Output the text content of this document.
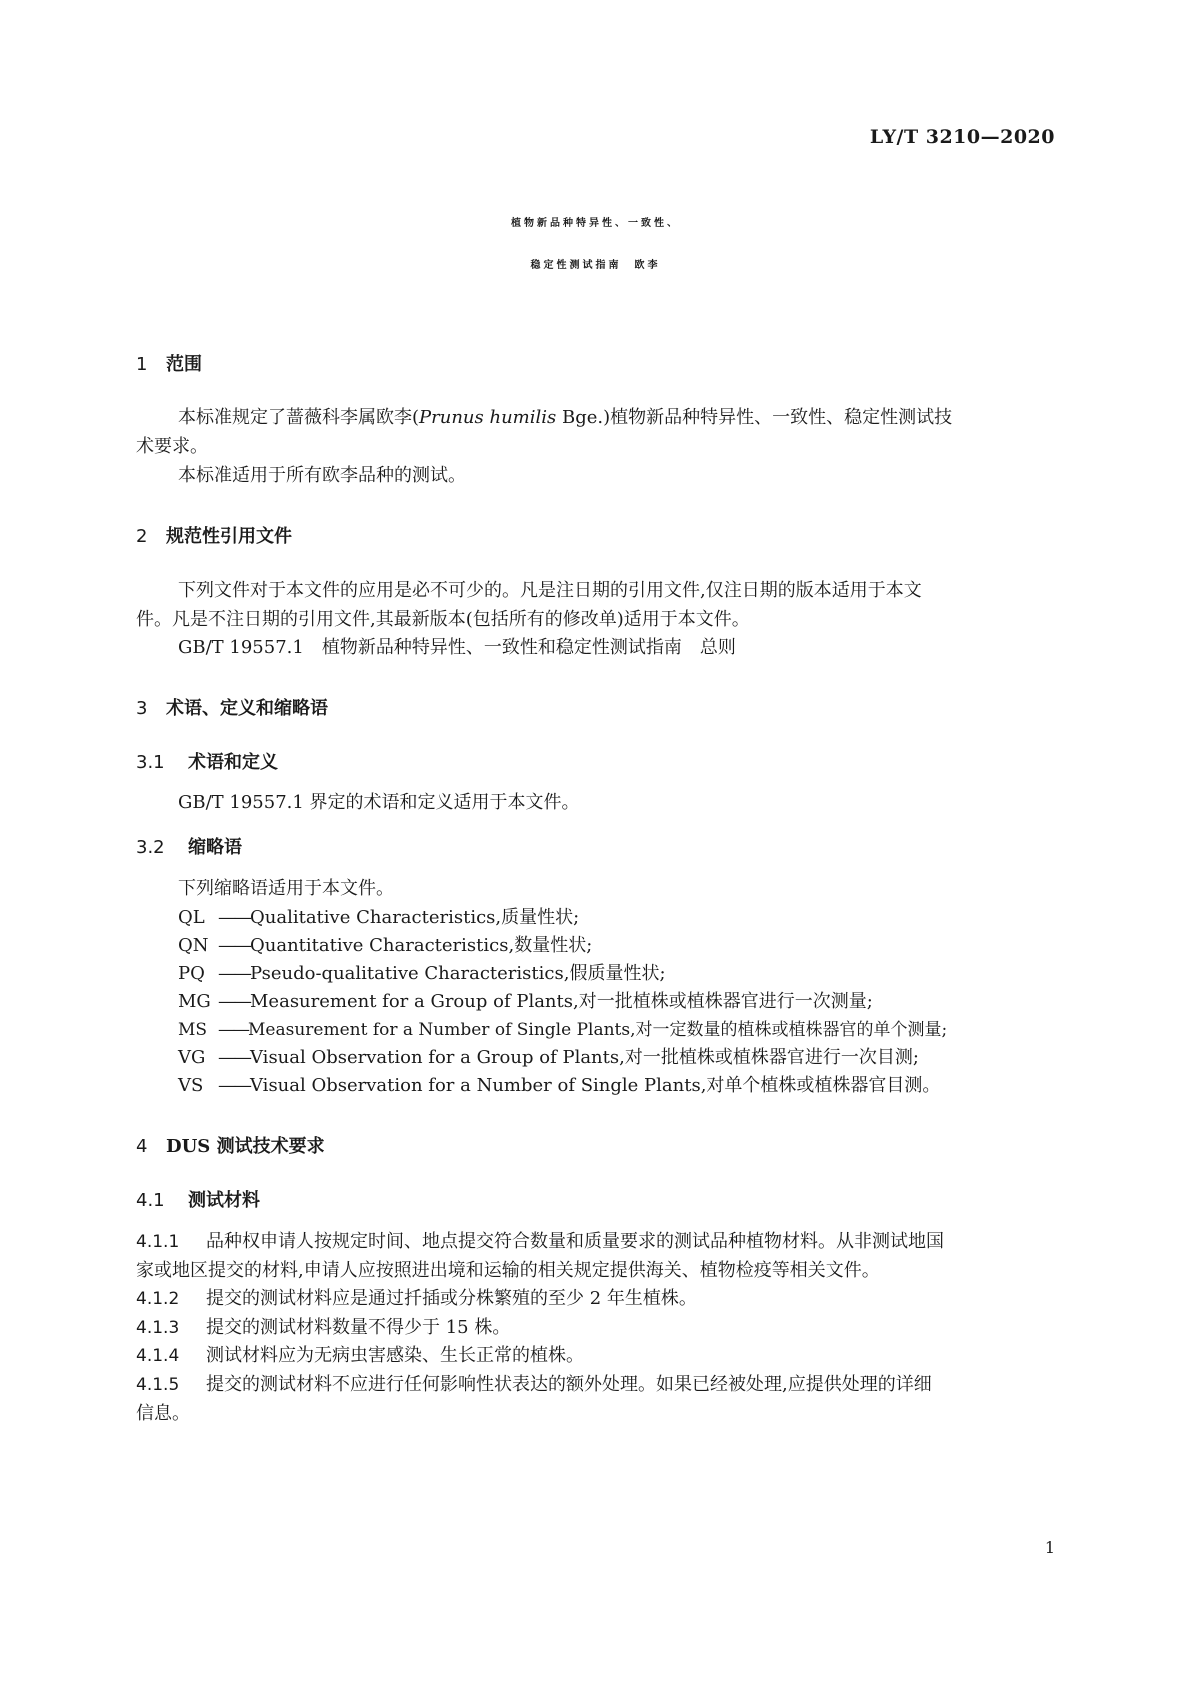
LY/T 3210—2020
植物新品种特异性、一致性、
稳定性测试指南　欧李
1 范围
本标准规定了蔷薇科李属欧李(Prunus humilis Bge.)植物新品种特异性、一致性、稳定性测试技
术要求。
本标准适用于所有欧李品种的测试。
2 规范性引用文件
下列文件对于本文件的应用是必不可少的。凡是注日期的引用文件,仅注日期的版本适用于本文
件。凡是不注日期的引用文件,其最新版本(包括所有的修改单)适用于本文件。
GB/T 19557.1　植物新品种特异性、一致性和稳定性测试指南　总则
3 术语、定义和缩略语
3.1 术语和定义
GB/T 19557.1 界定的术语和定义适用于本文件。
3.2 缩略语
下列缩略语适用于本文件。
QL ——Qualitative Characteristics,质量性状;
QN ——Quantitative Characteristics,数量性状;
PQ ——Pseudo-qualitative Characteristics,假质量性状;
MG ——Measurement for a Group of Plants,对一批植株或植株器官进行一次测量;
MS ——Measurement for a Number of Single Plants,对一定数量的植株或植株器官的单个测量;
VG ——Visual Observation for a Group of Plants,对一批植株或植株器官进行一次目测;
VS ——Visual Observation for a Number of Single Plants,对单个植株或植株器官目测。
4 DUS 测试技术要求
4.1 测试材料
4.1.1 品种权申请人按规定时间、地点提交符合数量和质量要求的测试品种植物材料。从非测试地国
家或地区提交的材料,申请人应按照进出境和运输的相关规定提供海关、植物检疫等相关文件。
4.1.2 提交的测试材料应是通过扦插或分株繁殖的至少 2 年生植株。
4.1.3 提交的测试材料数量不得少于 15 株。
4.1.4 测试材料应为无病虫害感染、生长正常的植株。
4.1.5 提交的测试材料不应进行任何影响性状表达的额外处理。如果已经被处理,应提供处理的详细
信息。
1
